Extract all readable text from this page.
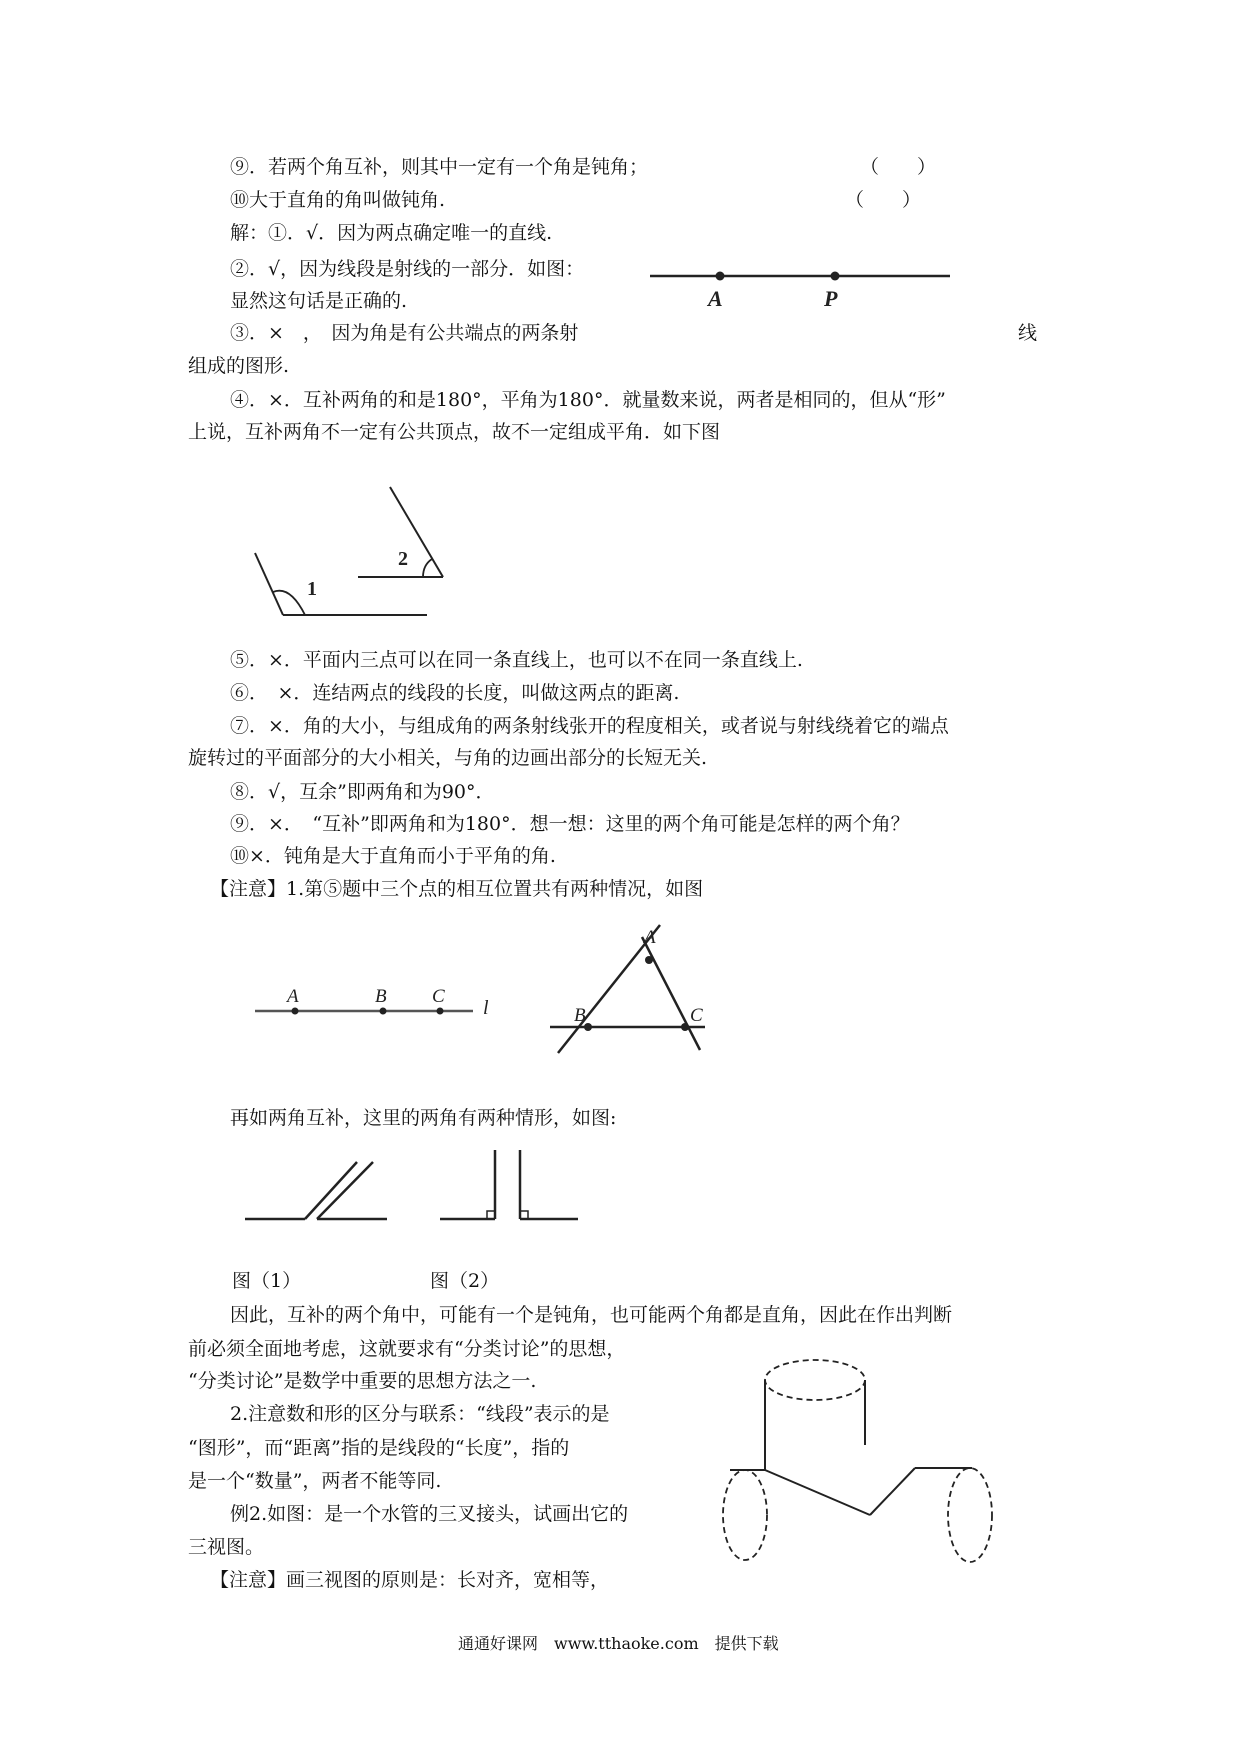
⑨．若两个角互补，则其中一定有一个角是钝角；	（　　）
⑩大于直角的角叫做钝角.	（　　）
解：①．√．因为两点确定唯一的直线.
②．√，因为线段是射线的一部分．如图：
显然这句话是正确的.	A	P
③．×　，　因为角是有公共端点的两条射	线
组成的图形.
④．×．互补两角的和是180°，平角为180°．就量数来说，两者是相同的，但从“形”
上说，互补两角不一定有公共顶点，故不一定组成平角．如下图
1
2
⑤．×．平面内三点可以在同一条直线上，也可以不在同一条直线上.
⑥．　×．连结两点的线段的长度，叫做这两点的距离.
⑦．×．角的大小，与组成角的两条射线张开的程度相关，或者说与射线绕着它的端点
旋转过的平面部分的大小相关，与角的边画出部分的长短无关.
⑧．√，互余”即两角和为90°．
⑨．×．　“互补”即两角和为180°．想一想：这里的两个角可能是怎样的两个角？
⑩×．钝角是大于直角而小于平角的角.
【注意】1.第⑤题中三个点的相互位置共有两种情况，如图
A	B C
l
A
B	C
再如两角互补，这里的两角有两种情形，如图:
图（1）	图（2）
因此，互补的两个角中，可能有一个是钝角，也可能两个角都是直角，因此在作出判断
前必须全面地考虑，这就要求有“分类讨论”的思想，
“分类讨论”是数学中重要的思想方法之一.
2.注意数和形的区分与联系：“线段”表示的是
“图形”，而“距离”指的是线段的“长度”，指的
是一个“数量”，两者不能等同.
例2.如图：是一个水管的三叉接头，试画出它的
三视图。
【注意】画三视图的原则是：长对齐，宽相等，
通通好课网　www.tthaoke.com　提供下载
